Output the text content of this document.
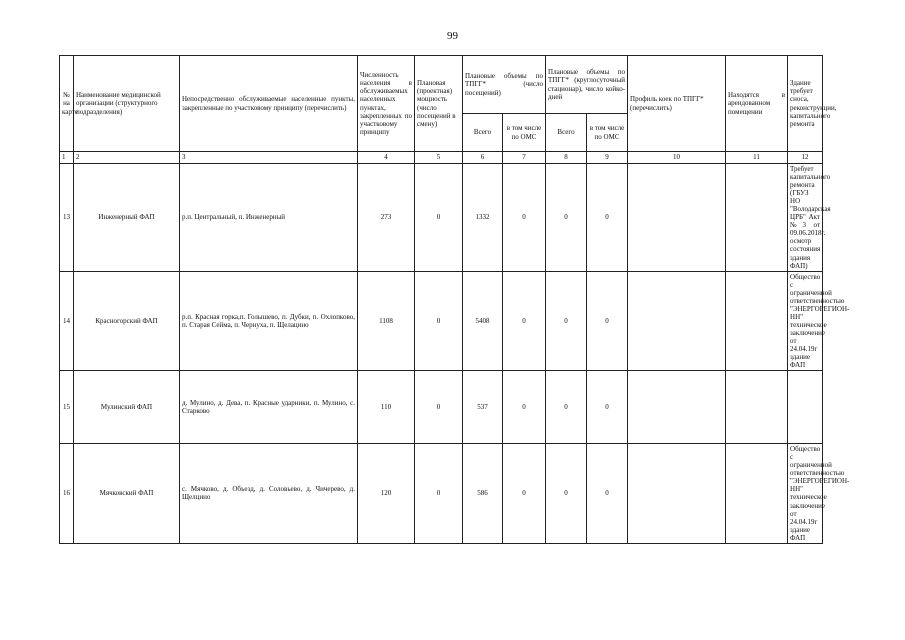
99
№ на карте	Наименование медицинской организации (структурного подразделения)	Непосредственно обслуживаемые населенные пункты, закрепленные по участковому принципу (перечислить)	Численность населения в обслуживаемых населенных пунктах, закрепленных по участковому принципу	Плановая (проектная) мощность (число посещений в смену)	Плановые объемы по ТПГГ* (число посещений)		Плановые объемы по ТПГГ* (круглосуточный стационар), число койко-дней		Профиль коек по ТПГГ* (перечислить)	Находятся в арендованном помещении	Здание требует сноса, реконструкции, капитального ремонта
					Всего	в том числе по ОМС	Всего	в том числе по ОМС			
1	2	3	4	5	6	7	8	9	10	11	12
13	Инженерный ФАП	р.п. Центральный, п. Инженерный	273	0	1332	0	0	0			Требует капитального ремонта (ГБУЗ НО "Володарская ЦРБ" Акт №3 от 09.06.2018г. осмотр состояния здания ФАП)
14	Красногорский ФАП	р.п. Красная горка,п. Голышево, п. Дубки, п. Охлопково, п. Старая Сейма, п. Чернуха, п. Щелацино	1108	0	5408	0	0	0			Общество с ограниченной ответственностью "ЭНЕРГОРЕГИОН-НН" техническое заключение от 24.04.19г здание ФАП
15	Мулинский ФАП	д. Мулино, д. Дева, п. Красные ударники, п. Мулино, с. Старково	110	0	537	0	0	0			
16	Мячковский ФАП	с. Мячково, д. Объезд, д. Соловьево, д. Чичерево, д. Щелцино	120	0	586	0	0	0			Общество с ограниченной ответственностью "ЭНЕРГОРЕГИОН-НН" техническое заключение от 24.04.19г здание ФАП
